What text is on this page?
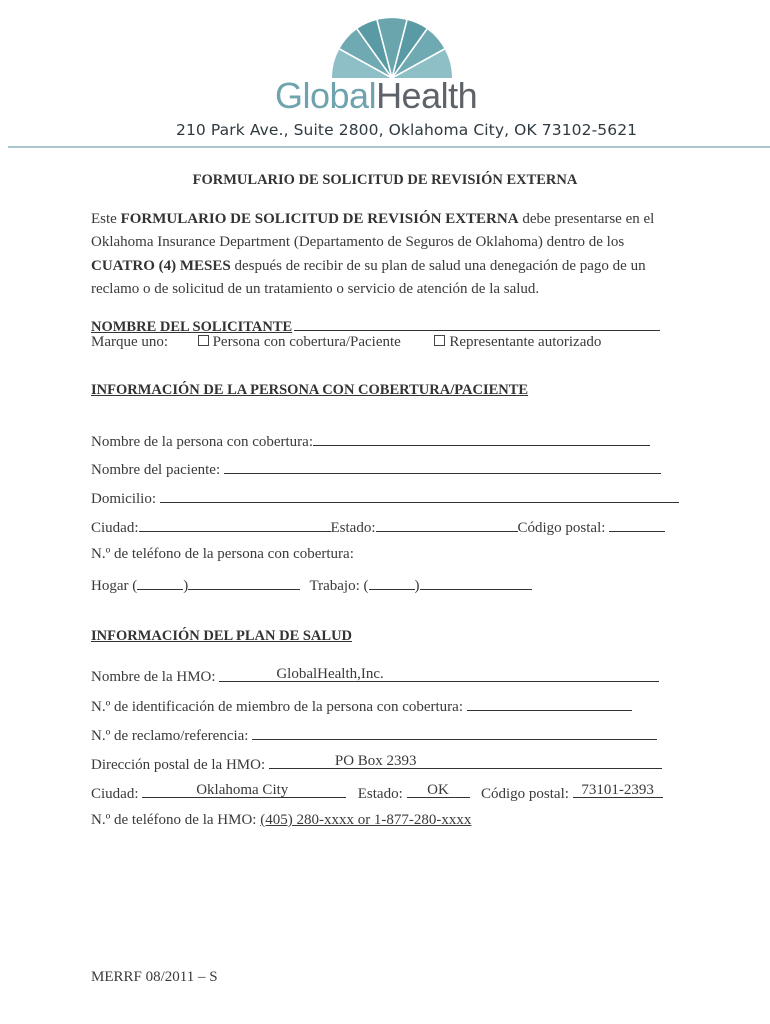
GlobalHealth
210 Park Ave., Suite 2800, Oklahoma City, OK 73102-5621
FORMULARIO DE SOLICITUD DE REVISIÓN EXTERNA
Este FORMULARIO DE SOLICITUD DE REVISIÓN EXTERNA debe presentarse en el Oklahoma Insurance Department (Departamento de Seguros de Oklahoma) dentro de los CUATRO (4) MESES después de recibir de su plan de salud una denegación de pago de un reclamo o de solicitud de un tratamiento o servicio de atención de la salud.
NOMBRE DEL SOLICITANTE
Marque uno:	Persona con cobertura/Paciente	Representante autorizado
INFORMACIÓN DE LA PERSONA CON COBERTURA/PACIENTE
Nombre de la persona con cobertura:
Nombre del paciente:
Domicilio:
Ciudad:	Estado:	Código postal:
N.º de teléfono de la persona con cobertura:
Hogar (	)	Trabajo: (	)
INFORMACIÓN DEL PLAN DE SALUD
Nombre de la HMO:	GlobalHealth,Inc.
N.º de identificación de miembro de la persona con cobertura:
N.º de reclamo/referencia:
Dirección postal de la HMO:	PO Box 2393
Ciudad:	Oklahoma City	Estado:	OK	Código postal: 73101-2393
N.º de teléfono de la HMO: (405) 280-xxxx or 1-877-280-xxxx
MERRF 08/2011 – S
